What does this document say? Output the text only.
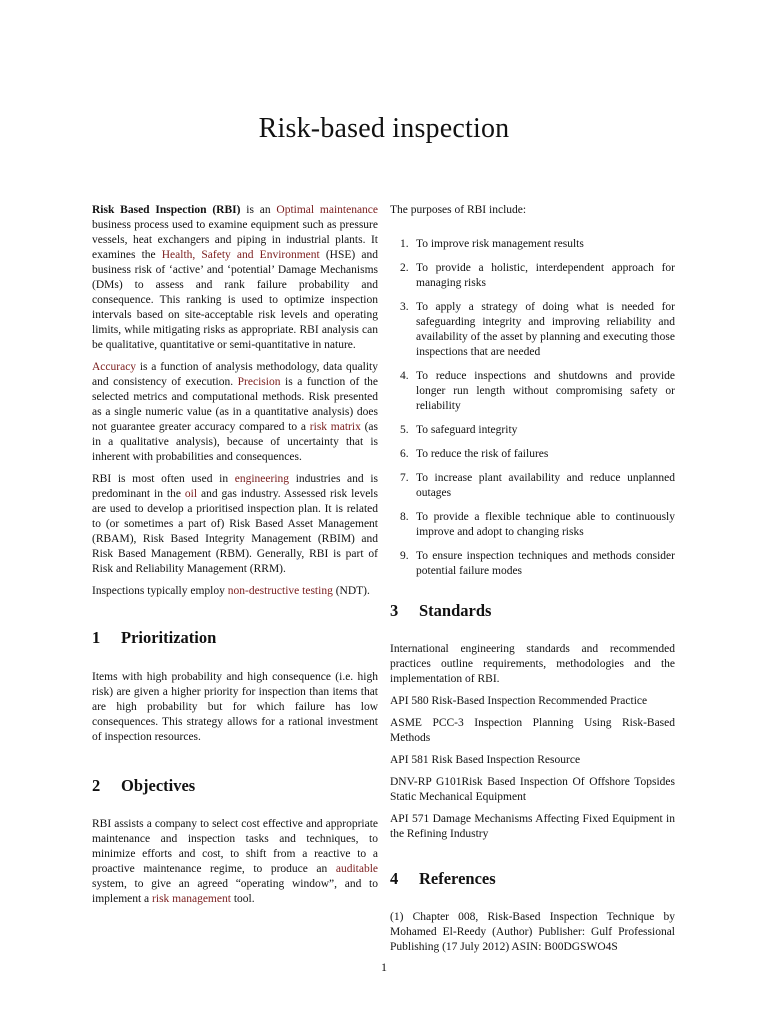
Risk-based inspection

Risk Based Inspection (RBI) is an Optimal maintenance business process used to examine equipment such as pressure vessels, heat exchangers and piping in industrial plants. It examines the Health, Safety and Environment (HSE) and business risk of ‘active’ and ‘potential’ Damage Mechanisms (DMs) to assess and rank failure probability and consequence. This ranking is used to optimize inspection intervals based on site-acceptable risk levels and operating limits, while mitigating risks as appropriate. RBI analysis can be qualitative, quantitative or semi-quantitative in nature.

Accuracy is a function of analysis methodology, data quality and consistency of execution. Precision is a function of the selected metrics and computational methods. Risk presented as a single numeric value (as in a quantitative analysis) does not guarantee greater accuracy compared to a risk matrix (as in a qualitative analysis), because of uncertainty that is inherent with probabilities and consequences.

RBI is most often used in engineering industries and is predominant in the oil and gas industry. Assessed risk levels are used to develop a prioritised inspection plan. It is related to (or sometimes a part of) Risk Based Asset Management (RBAM), Risk Based Integrity Management (RBIM) and Risk Based Management (RBM). Generally, RBI is part of Risk and Reliability Management (RRM).

Inspections typically employ non-destructive testing (NDT).

1	Prioritization

Items with high probability and high consequence (i.e. high risk) are given a higher priority for inspection than items that are high probability but for which failure has low consequences. This strategy allows for a rational investment of inspection resources.

2	Objectives

RBI assists a company to select cost effective and appropriate maintenance and inspection tasks and techniques, to minimize efforts and cost, to shift from a reactive to a proactive maintenance regime, to produce an auditable system, to give an agreed “operating window”, and to implement a risk management tool.

The purposes of RBI include:

1. To improve risk management results
2. To provide a holistic, interdependent approach for managing risks
3. To apply a strategy of doing what is needed for safeguarding integrity and improving reliability and availability of the asset by planning and executing those inspections that are needed
4. To reduce inspections and shutdowns and provide longer run length without compromising safety or reliability
5. To safeguard integrity
6. To reduce the risk of failures
7. To increase plant availability and reduce unplanned outages
8. To provide a flexible technique able to continuously improve and adopt to changing risks
9. To ensure inspection techniques and methods consider potential failure modes
3	Standards

International engineering standards and recommended practices outline requirements, methodologies and the implementation of RBI.

API 580 Risk-Based Inspection Recommended Practice

ASME PCC-3 Inspection Planning Using Risk-Based Methods

API 581 Risk Based Inspection Resource

DNV-RP G101Risk Based Inspection Of Offshore Topsides Static Mechanical Equipment

API 571 Damage Mechanisms Affecting Fixed Equipment in the Refining Industry

4	References

(1) Chapter 008, Risk-Based Inspection Technique by Mohamed El-Reedy (Author) Publisher: Gulf Professional Publishing (17 July 2012) ASIN: B00DGSWO4S

1
